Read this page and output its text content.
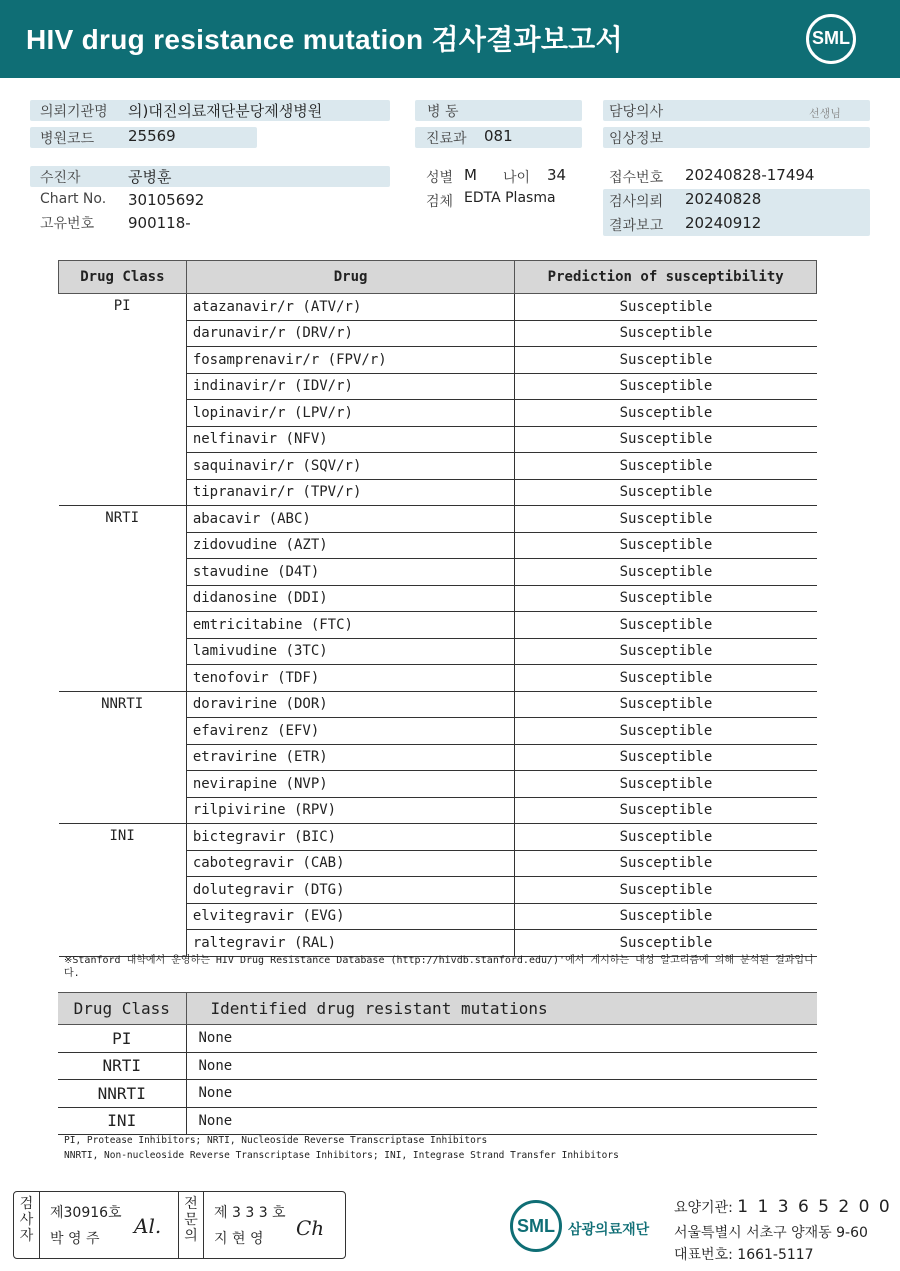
HIV drug resistance mutation 검사결과보고서	SML
의뢰기관명 의)대진의료재단분당제생병원	병 동	담당의사	선생님
병원코드 25569	진료과 081	임상정보
수진자	공병훈	성별 M 나이 34	접수번호 20240828-17494
Chart No. 30105692	검체 EDTA Plasma	검사의뢰 20240828
고유번호 900118-	결과보고 20240912
Drug Class	Drug	Prediction of susceptibility
PI	atazanavir/r (ATV/r)	Susceptible
	darunavir/r (DRV/r)	Susceptible
	fosamprenavir/r (FPV/r)	Susceptible
	indinavir/r (IDV/r)	Susceptible
	lopinavir/r (LPV/r)	Susceptible
	nelfinavir (NFV)	Susceptible
	saquinavir/r (SQV/r)	Susceptible
	tipranavir/r (TPV/r)	Susceptible
NRTI	abacavir (ABC)	Susceptible
	zidovudine (AZT)	Susceptible
	stavudine (D4T)	Susceptible
	didanosine (DDI)	Susceptible
	emtricitabine (FTC)	Susceptible
	lamivudine (3TC)	Susceptible
	tenofovir (TDF)	Susceptible
NNRTI	doravirine (DOR)	Susceptible
	efavirenz (EFV)	Susceptible
	etravirine (ETR)	Susceptible
	nevirapine (NVP)	Susceptible
	rilpivirine (RPV)	Susceptible
INI	bictegravir (BIC)	Susceptible
	cabotegravir (CAB)	Susceptible
	dolutegravir (DTG)	Susceptible
	elvitegravir (EVG)	Susceptible
	raltegravir (RAL)	Susceptible
※Stanford 대학에서 운영하는 HIV Drug Resistance Database (http://hivdb.stanford.edu/)'에서 게시하는 내성 알고리즘에 의해 분석된 결과입니다.
Drug Class	Identified drug resistant mutations
PI	None
NRTI	None
NNRTI	None
INI	None
PI, Protease Inhibitors; NRTI, Nucleoside Reverse Transcriptase Inhibitors
NNRTI, Non-nucleoside Reverse Transcriptase Inhibitors; INI, Integrase Strand Transfer Inhibitors
검사자
제30916호
박 영 주
Al.
전문의
제 3 3 3 호
지 현 영 Ch	SML 삼광의료재단
요양기관: 1 1 3 6 5 2 0 0
서울특별시 서초구 양재동 9-60
대표번호: 1661-5117
